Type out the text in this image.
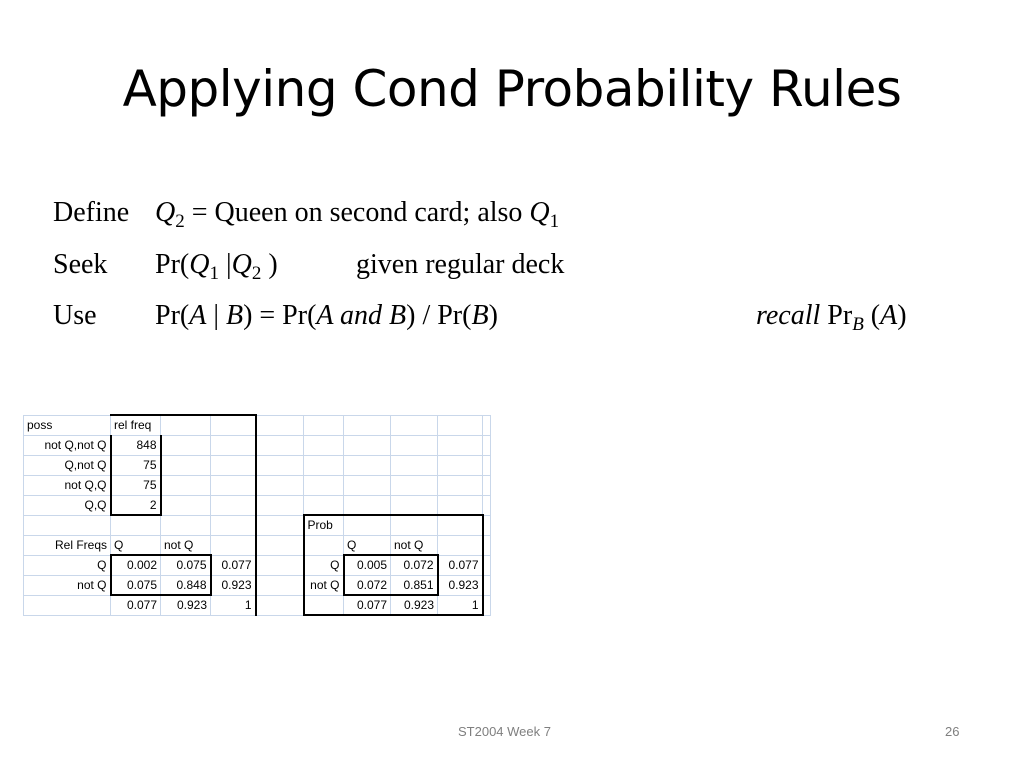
Applying Cond Probability Rules
Define $Q_2$ = Queen on second card; also $Q_1$
Seek $Pr(Q_1$ $|Q_2$ )	given regular deck
Use Pr(A | B) = Pr(A and B) / Pr(B)	recall $Pr_B$ (A)
poss	rel freq								
not Q,not Q	848								
Q,not Q	75								
not Q,Q	75								
Q,Q	2								
					Prob				
Rel Freqs	Q	not Q				Q	not Q		
Q	0.002	0.075	0.077		Q	0.005	0.072	0.077	
not Q	0.075	0.848	0.923		not Q	0.072	0.851	0.923	
	0.077	0.923	1			0.077	0.923	1	
ST2004 Week 7	26
